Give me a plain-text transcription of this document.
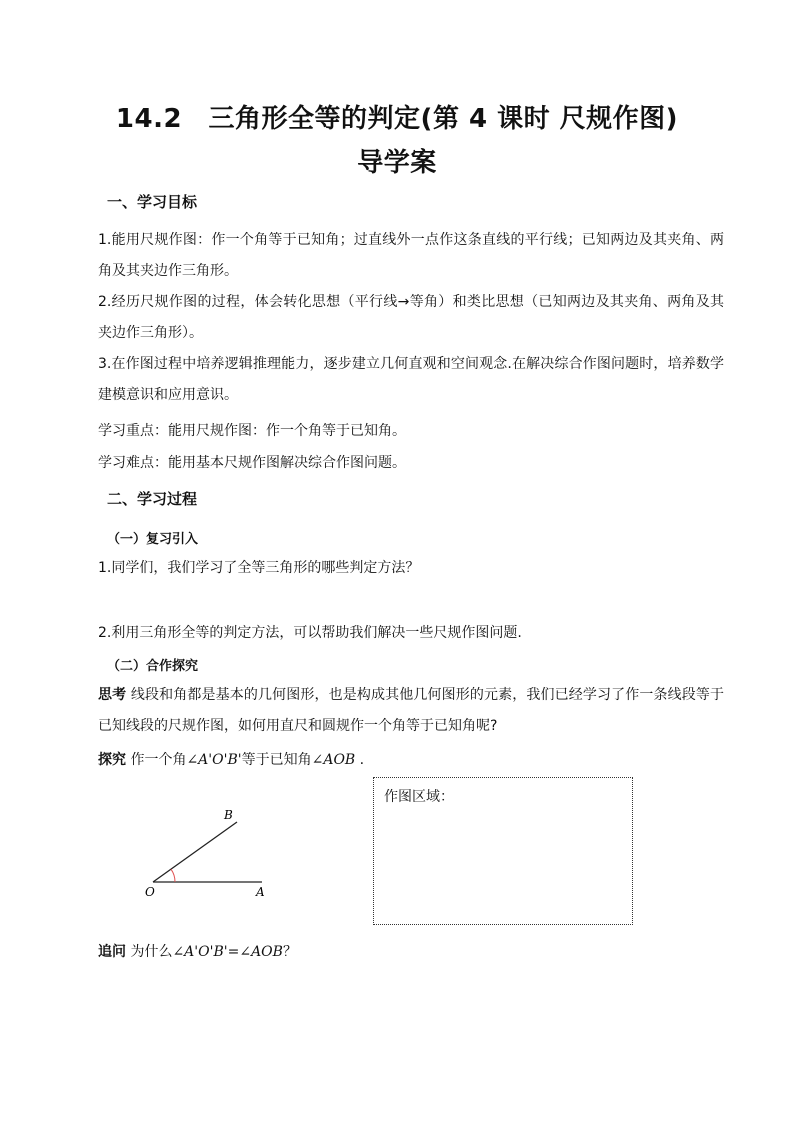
14.2　三角形全等的判定(第 4 课时 尺规作图)
导学案
一、学习目标
1.能用尺规作图：作一个角等于已知角；过直线外一点作这条直线的平行线；已知两边及其夹角、两角及其夹边作三角形。
2.经历尺规作图的过程，体会转化思想（平行线→等角）和类比思想（已知两边及其夹角、两角及其夹边作三角形）。
3.在作图过程中培养逻辑推理能力，逐步建立几何直观和空间观念.在解决综合作图问题时，培养数学建模意识和应用意识。
学习重点：能用尺规作图：作一个角等于已知角。
学习难点：能用基本尺规作图解决综合作图问题。
二、学习过程
（一）复习引入
1.同学们，我们学习了全等三角形的哪些判定方法？
2.利用三角形全等的判定方法，可以帮助我们解决一些尺规作图问题.
（二）合作探究
思考 线段和角都是基本的几何图形，也是构成其他几何图形的元素，我们已经学习了作一条线段等于已知线段的尺规作图，如何用直尺和圆规作一个角等于已知角呢?
探究 作一个角∠A'O'B'等于已知角∠AOB .
O	A
B
作图区域：
追问 为什么∠A'O'B'=∠AOB？
